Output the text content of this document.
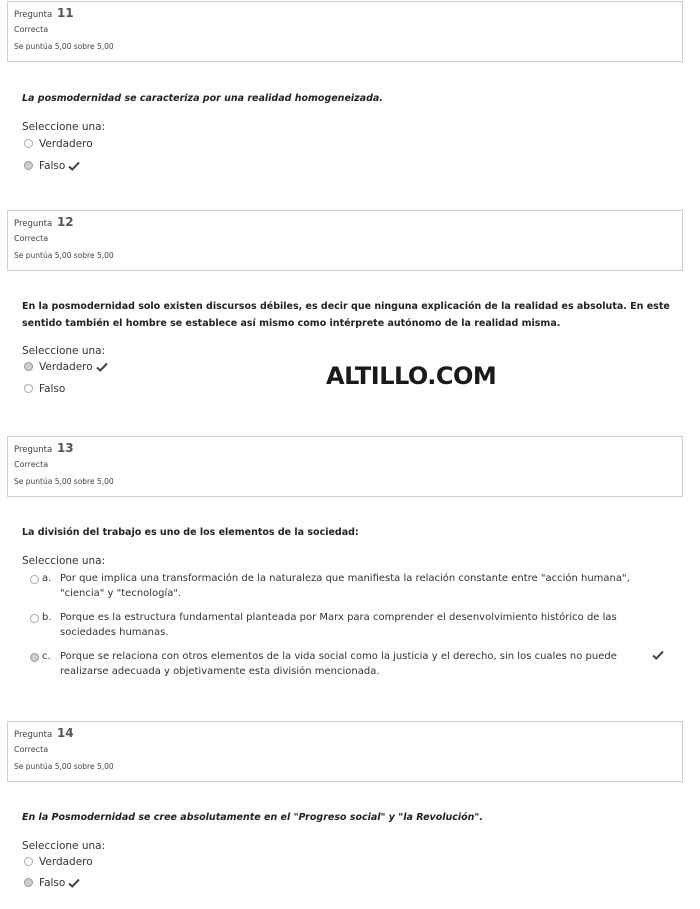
Pregunta 11
Correcta
Se puntúa 5,00 sobre 5,00
La posmodernidad se caracteriza por una realidad homogeneizada.
Seleccione una:
Verdadero
Falso
Pregunta 12
Correcta
Se puntúa 5,00 sobre 5,00
En la posmodernidad solo existen discursos débiles, es decir que ninguna explicación de la realidad es absoluta. En este
sentido también el hombre se establece así mismo como intérprete autónomo de la realidad misma.
Seleccione una:
Verdadero
Falso	ALTILLO.COM
Pregunta 13
Correcta
Se puntúa 5,00 sobre 5,00
La división del trabajo es uno de los elementos de la sociedad:
Seleccione una:
a. Por que implica una transformación de la naturaleza que manifiesta la relación constante entre "acción humana",
"ciencia" y "tecnología".
b. Porque es la estructura fundamental planteada por Marx para comprender el desenvolvimiento histórico de las
sociedades humanas.
c. Porque se relaciona con otros elementos de la vida social como la justicia y el derecho, sin los cuales no puede
realizarse adecuada y objetivamente esta división mencionada.
Pregunta 14
Correcta
Se puntúa 5,00 sobre 5,00
En la Posmodernidad se cree absolutamente en el "Progreso social" y "la Revolución".
Seleccione una:
Verdadero
Falso
